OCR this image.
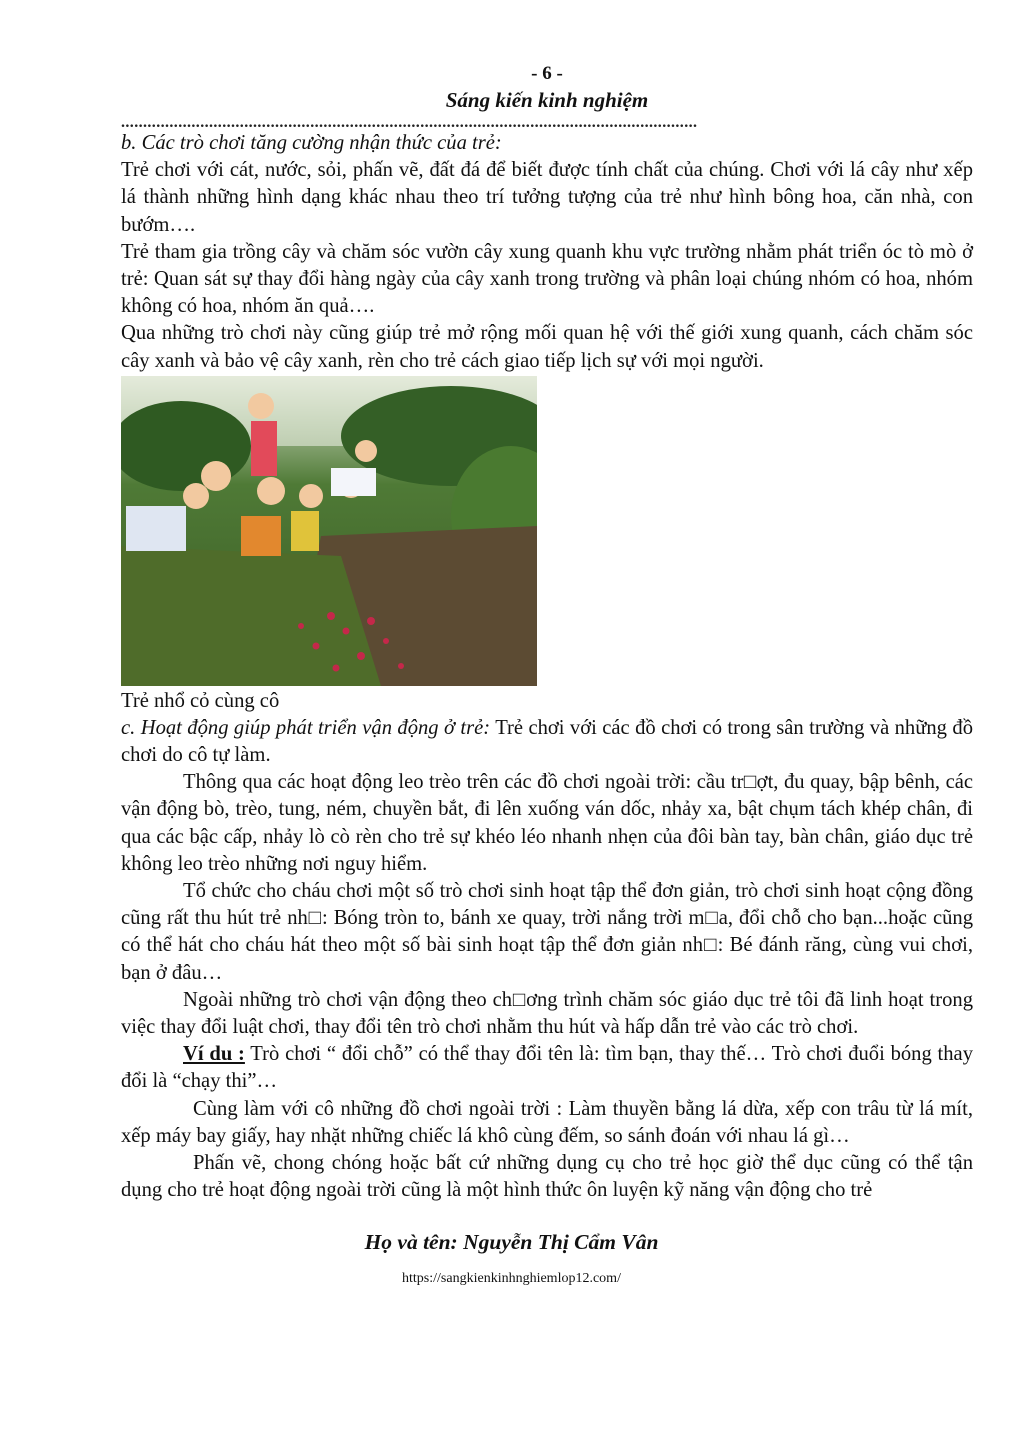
- 6 -
Sáng kiến kinh nghiệm
...................................................................................................................................

b. Các trò chơi tăng cường nhận thức của trẻ:

Trẻ chơi với cát, nước, sỏi, phấn vẽ, đất đá để biết được tính chất của chúng. Chơi với lá cây như xếp lá thành những hình dạng khác nhau theo trí tưởng tượng của trẻ như hình bông hoa, căn nhà, con bướm….

Trẻ tham gia trồng cây và chăm sóc vườn cây xung quanh khu vực trường nhằm phát triển óc tò mò ở trẻ: Quan sát sự thay đổi hàng ngày của cây xanh trong trường và phân loại chúng nhóm có hoa, nhóm không có hoa, nhóm ăn quả….

Qua những trò chơi này cũng giúp trẻ mở rộng mối quan hệ với thế giới xung quanh, cách chăm sóc cây xanh và bảo vệ cây xanh, rèn cho trẻ cách giao tiếp lịch sự với mọi người.

Trẻ nhổ cỏ cùng cô

c. Hoạt động giúp phát triển vận động ở trẻ: Trẻ chơi với các đồ chơi có trong sân trường và những đồ chơi do cô tự làm.

Thông qua các hoạt động leo trèo trên các đồ chơi ngoài trời: cầu tr□ợt, đu quay, bập bênh, các vận động bò, trèo, tung, ném, chuyền bắt, đi lên xuống ván dốc, nhảy xa, bật chụm tách khép chân, đi qua các bậc cấp, nhảy lò cò rèn cho trẻ sự khéo léo nhanh nhẹn của đôi bàn tay, bàn chân, giáo dục trẻ không leo trèo những nơi nguy hiểm.

Tổ chức cho cháu chơi một số trò chơi sinh hoạt tập thể đơn giản, trò chơi sinh hoạt cộng đồng cũng rất thu hút trẻ nh□: Bóng tròn to, bánh xe quay, trời nắng trời m□a, đổi chỗ cho bạn...hoặc cũng có thể hát cho cháu hát theo một số bài sinh hoạt tập thể đơn giản nh□: Bé đánh răng, cùng vui chơi, bạn ở đâu…

Ngoài những trò chơi vận động theo ch□ơng trình chăm sóc giáo dục trẻ tôi đã linh hoạt trong việc thay đổi luật chơi, thay đổi tên trò chơi nhằm thu hút và hấp dẫn trẻ vào các trò chơi.

Ví du : Trò chơi “ đổi chỗ” có thể thay đổi tên là: tìm bạn, thay thế… Trò chơi đuổi bóng thay đổi là “chạy thi”…

Cùng làm với cô những đồ chơi ngoài trời : Làm thuyền bằng lá dừa, xếp con trâu từ lá mít, xếp máy bay giấy, hay nhặt những chiếc lá khô cùng đếm, so sánh đoán với nhau lá gì…

Phấn vẽ, chong chóng hoặc bất cứ những dụng cụ cho trẻ học giờ thể dục cũng có thể tận dụng cho trẻ hoạt động ngoài trời cũng là một hình thức ôn luyện kỹ năng vận động cho trẻ

Họ và tên: Nguyễn Thị Cẩm Vân
https://sangkienkinhnghiemlop12.com/
